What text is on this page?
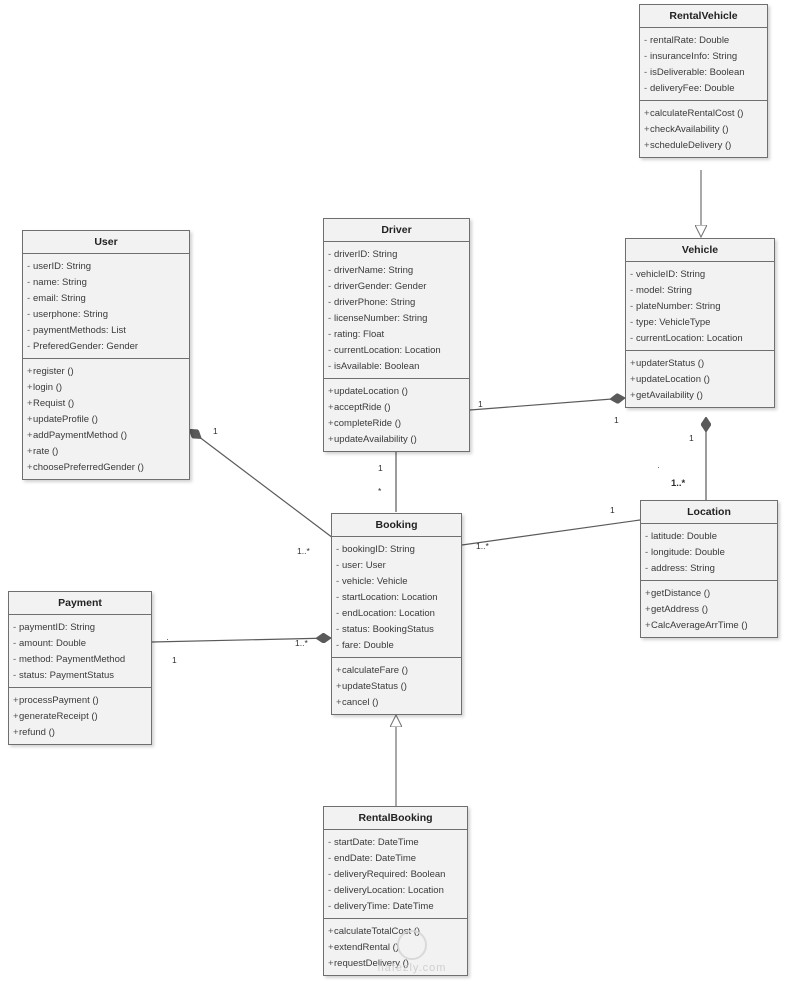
RentalVehicle
- rentalRate: Double
- insuranceInfo: String
- isDeliverable: Boolean
- deliveryFee: Double
+ calculateRentalCost ()
+ checkAvailability ()
+ scheduleDelivery ()
User
- userID: String
- name: String
- email: String
- userphone: String
- paymentMethods: List
- PreferedGender: Gender
+ register ()
+ login ()
+ Requist ()
+ updateProfile ()
+ addPaymentMethod ()
+ rate ()
+ choosePreferredGender ()
Driver
- driverID: String
- driverName: String
- driverGender: Gender
- driverPhone: String
- licenseNumber: String
- rating: Float
- currentLocation: Location
- isAvailable: Boolean
+ updateLocation ()
+ acceptRide ()
+ completeRide ()
+ updateAvailability ()
Vehicle
- vehicleID: String
- model: String
- plateNumber: String
- type: VehicleType
- currentLocation: Location
+ updaterStatus ()
+ updateLocation ()
+ getAvailability ()
Location
- latitude: Double
- longitude: Double
- address: String
+ getDistance ()
+ getAddress ()
+ CalcAverageArrTime ()
Booking
- bookingID: String
- user: User
- vehicle: Vehicle
- startLocation: Location
- endLocation: Location
- status: BookingStatus
- fare: Double
+ calculateFare ()
+ updateStatus ()
+ cancel ()
Payment
- paymentID: String
- amount: Double
- method: PaymentMethod
- status: PaymentStatus
+ processPayment ()
+ generateReceipt ()
+ refund ()
RentalBooking
- startDate: DateTime
- endDate: DateTime
- deliveryRequired: Boolean
- deliveryLocation: Location
- deliveryTime: DateTime
+ calculateTotalCost ()
+ extendRental ()
+ requestDelivery ()
1
1..*
1
*
1
1..*
1
1
1
·
1..*
·
1
1..*
nafezly.com
